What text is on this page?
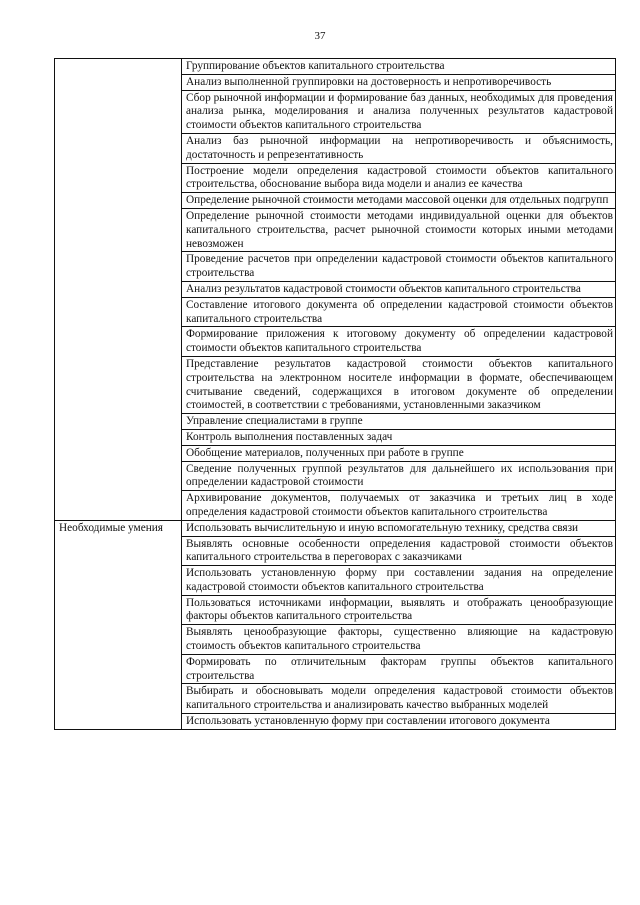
37
	Группирование объектов капитального строительства
	Анализ выполненной группировки на достоверность и непротиворечивость
	Сбор рыночной информации и формирование баз данных, необходимых для проведения анализа рынка, моделирования и анализа полученных результатов кадастровой стоимости объектов капитального строительства
	Анализ баз рыночной информации на непротиворечивость и объяснимость, достаточность и репрезентативность
	Построение модели определения кадастровой стоимости объектов капитального строительства, обоснование выбора вида модели и анализ ее качества
	Определение рыночной стоимости методами массовой оценки для отдельных подгрупп
	Определение рыночной стоимости методами индивидуальной оценки для объектов капитального строительства, расчет рыночной стоимости которых иными методами невозможен
	Проведение расчетов при определении кадастровой стоимости объектов капитального строительства
	Анализ результатов кадастровой стоимости объектов капитального строительства
	Составление итогового документа об определении кадастровой стоимости объектов капитального строительства
	Формирование приложения к итоговому документу об определении кадастровой стоимости объектов капитального строительства
	Представление результатов кадастровой стоимости объектов капитального строительства на электронном носителе информации в формате, обеспечивающем считывание сведений, содержащихся в итоговом документе об определении стоимостей, в соответствии с требованиями, установленными заказчиком
	Управление специалистами в группе
	Контроль выполнения поставленных задач
	Обобщение материалов, полученных при работе в группе
	Сведение полученных группой результатов для дальнейшего их использования при определении кадастровой стоимости
	Архивирование документов, получаемых от заказчика и третьих лиц в ходе определения кадастровой стоимости объектов капитального строительства
Необходимые умения	Использовать вычислительную и иную вспомогательную технику, средства связи
	Выявлять основные особенности определения кадастровой стоимости объектов капитального строительства в переговорах с заказчиками
	Использовать установленную форму при составлении задания на определение кадастровой стоимости объектов капитального строительства
	Пользоваться источниками информации, выявлять и отображать ценообразующие факторы объектов капитального строительства
	Выявлять ценообразующие факторы, существенно влияющие на кадастровую стоимость объектов капитального строительства
	Формировать по отличительным факторам группы объектов капитального строительства
	Выбирать и обосновывать модели определения кадастровой стоимости объектов капитального строительства и анализировать качество выбранных моделей
	Использовать установленную форму при составлении итогового документа
